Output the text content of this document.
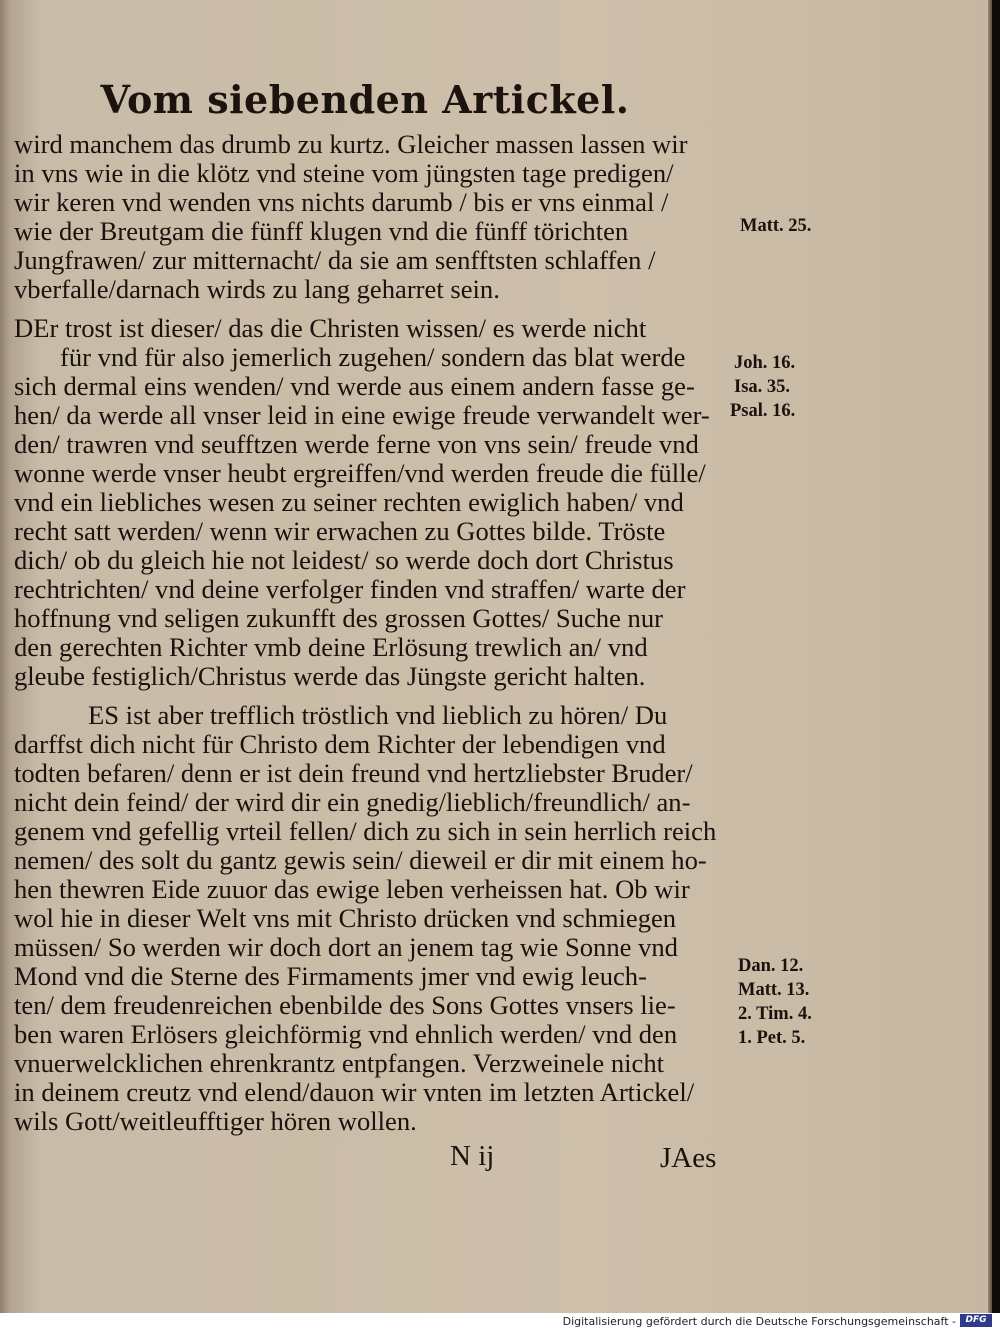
Vom siebenden Artickel.
wird manchem das drumb zu kurtz. Gleicher massen lassen wir
in vns wie in die klötz vnd steine vom jüngsten tage predigen/
wir keren vnd wenden vns nichts darumb / bis er vns einmal /
wie der Breutgam die fünff klugen vnd die fünff törichten
Jungfrawen/ zur mitternacht/ da sie am senfftsten schlaffen /
vberfalle/darnach wirds zu lang geharret sein.
DEr trost ist dieser/ das die Christen wissen/ es werde nicht
für vnd für also jemerlich zugehen/ sondern das blat werde
sich dermal eins wenden/ vnd werde aus einem andern fasse ge-
hen/ da werde all vnser leid in eine ewige freude verwandelt wer-
den/ trawren vnd seufftzen werde ferne von vns sein/ freude vnd
wonne werde vnser heubt ergreiffen/vnd werden freude die fülle/
vnd ein liebliches wesen zu seiner rechten ewiglich haben/ vnd
recht satt werden/ wenn wir erwachen zu Gottes bilde. Tröste
dich/ ob du gleich hie not leidest/ so werde doch dort Christus
rechtrichten/ vnd deine verfolger finden vnd straffen/ warte der
hoffnung vnd seligen zukunfft des grossen Gottes/ Suche nur
den gerechten Richter vmb deine Erlösung trewlich an/ vnd
gleube festiglich/Christus werde das Jüngste gericht halten.
ES ist aber trefflich tröstlich vnd lieblich zu hören/ Du
darffst dich nicht für Christo dem Richter der lebendigen vnd
todten befaren/ denn er ist dein freund vnd hertzliebster Bruder/
nicht dein feind/ der wird dir ein gnedig/lieblich/freundlich/ an-
genem vnd gefellig vrteil fellen/ dich zu sich in sein herrlich reich
nemen/ des solt du gantz gewis sein/ dieweil er dir mit einem ho-
hen thewren Eide zuuor das ewige leben verheissen hat. Ob wir
wol hie in dieser Welt vns mit Christo drücken vnd schmiegen
müssen/ So werden wir doch dort an jenem tag wie Sonne vnd
Mond vnd die Sterne des Firmaments jmer vnd ewig leuch-
ten/ dem freudenreichen ebenbilde des Sons Gottes vnsers lie-
ben waren Erlösers gleichförmig vnd ehnlich werden/ vnd den
vnuerwelcklichen ehrenkrantz entpfangen. Verzweinele nicht
in deinem creutz vnd elend/dauon wir vnten im letzten Artickel/
wils Gott/weitleufftiger hören wollen.
Matt. 25.
Joh. 16.
Isa. 35.
Psal. 16.
Dan. 12.
Matt. 13.
2. Tim. 4.
1. Pet. 5.
N ij	JAes
Digitalisierung gefördert durch die Deutsche Forschungsgemeinschaft -	DFG
